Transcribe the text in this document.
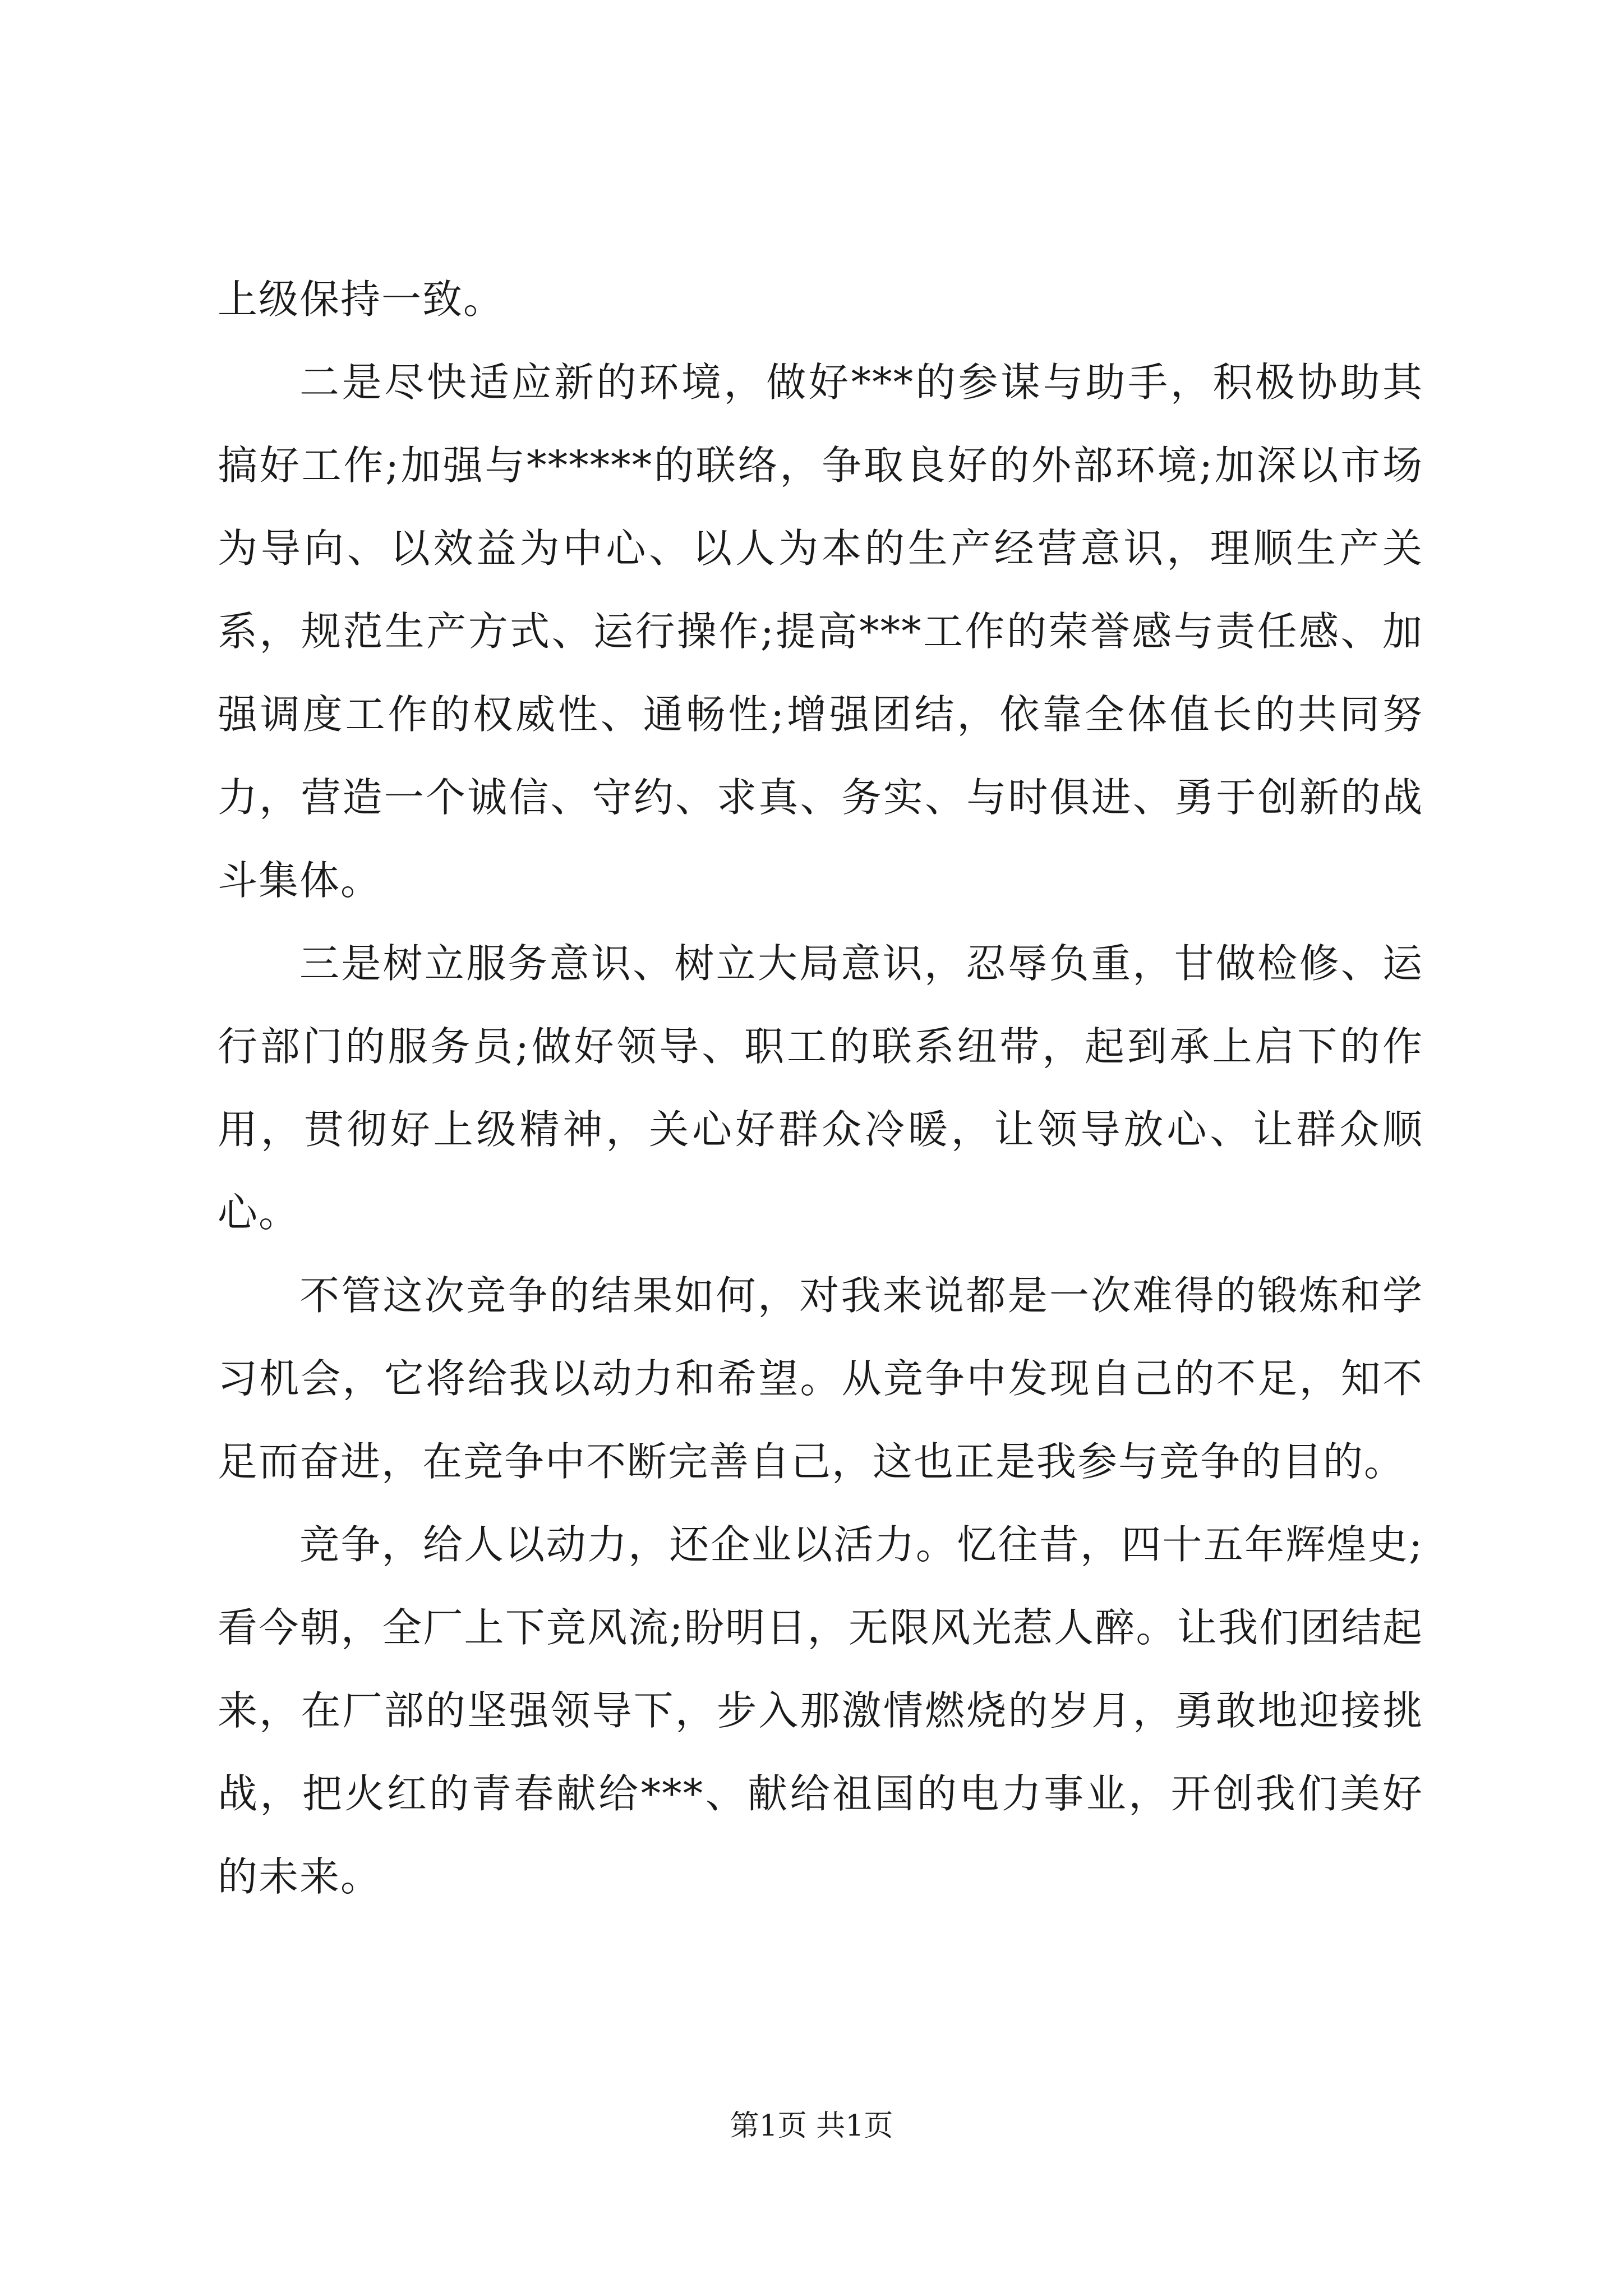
上级保持一致。

二是尽快适应新的环境，做好***的参谋与助手，积极协助其搞好工作;加强与******的联络，争取良好的外部环境;加深以市场为导向、以效益为中心、以人为本的生产经营意识，理顺生产关系，规范生产方式、运行操作;提高***工作的荣誉感与责任感、加强调度工作的权威性、通畅性;增强团结，依靠全体值长的共同努力，营造一个诚信、守约、求真、务实、与时俱进、勇于创新的战斗集体。

三是树立服务意识、树立大局意识，忍辱负重，甘做检修、运行部门的服务员;做好领导、职工的联系纽带，起到承上启下的作用，贯彻好上级精神，关心好群众冷暖，让领导放心、让群众顺心。

不管这次竞争的结果如何，对我来说都是一次难得的锻炼和学习机会，它将给我以动力和希望。从竞争中发现自己的不足，知不足而奋进，在竞争中不断完善自己，这也正是我参与竞争的目的。

竞争，给人以动力，还企业以活力。忆往昔，四十五年辉煌史;看今朝，全厂上下竞风流;盼明日，无限风光惹人醉。让我们团结起来，在厂部的坚强领导下，步入那激情燃烧的岁月，勇敢地迎接挑战，把火红的青春献给***、献给祖国的电力事业，开创我们美好的未来。

第1页 共1页
